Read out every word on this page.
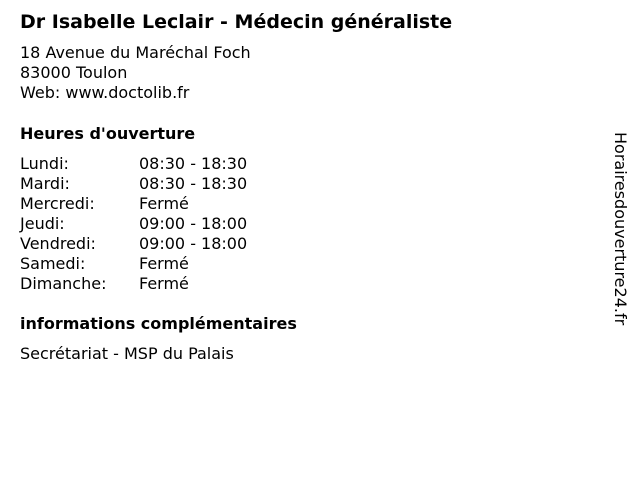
Dr Isabelle Leclair - Médecin généraliste
18 Avenue du Maréchal Foch
83000 Toulon
Web: www.doctolib.fr
Heures d'ouverture
Lundi:	08:30 - 18:30
Mardi:	08:30 - 18:30
Mercredi:	Fermé
Jeudi:	09:00 - 18:00
Vendredi:	09:00 - 18:00
Samedi:	Fermé
Dimanche:	Fermé
informations complémentaires
Secrétariat - MSP du Palais
Horairesdouverture24.fr
